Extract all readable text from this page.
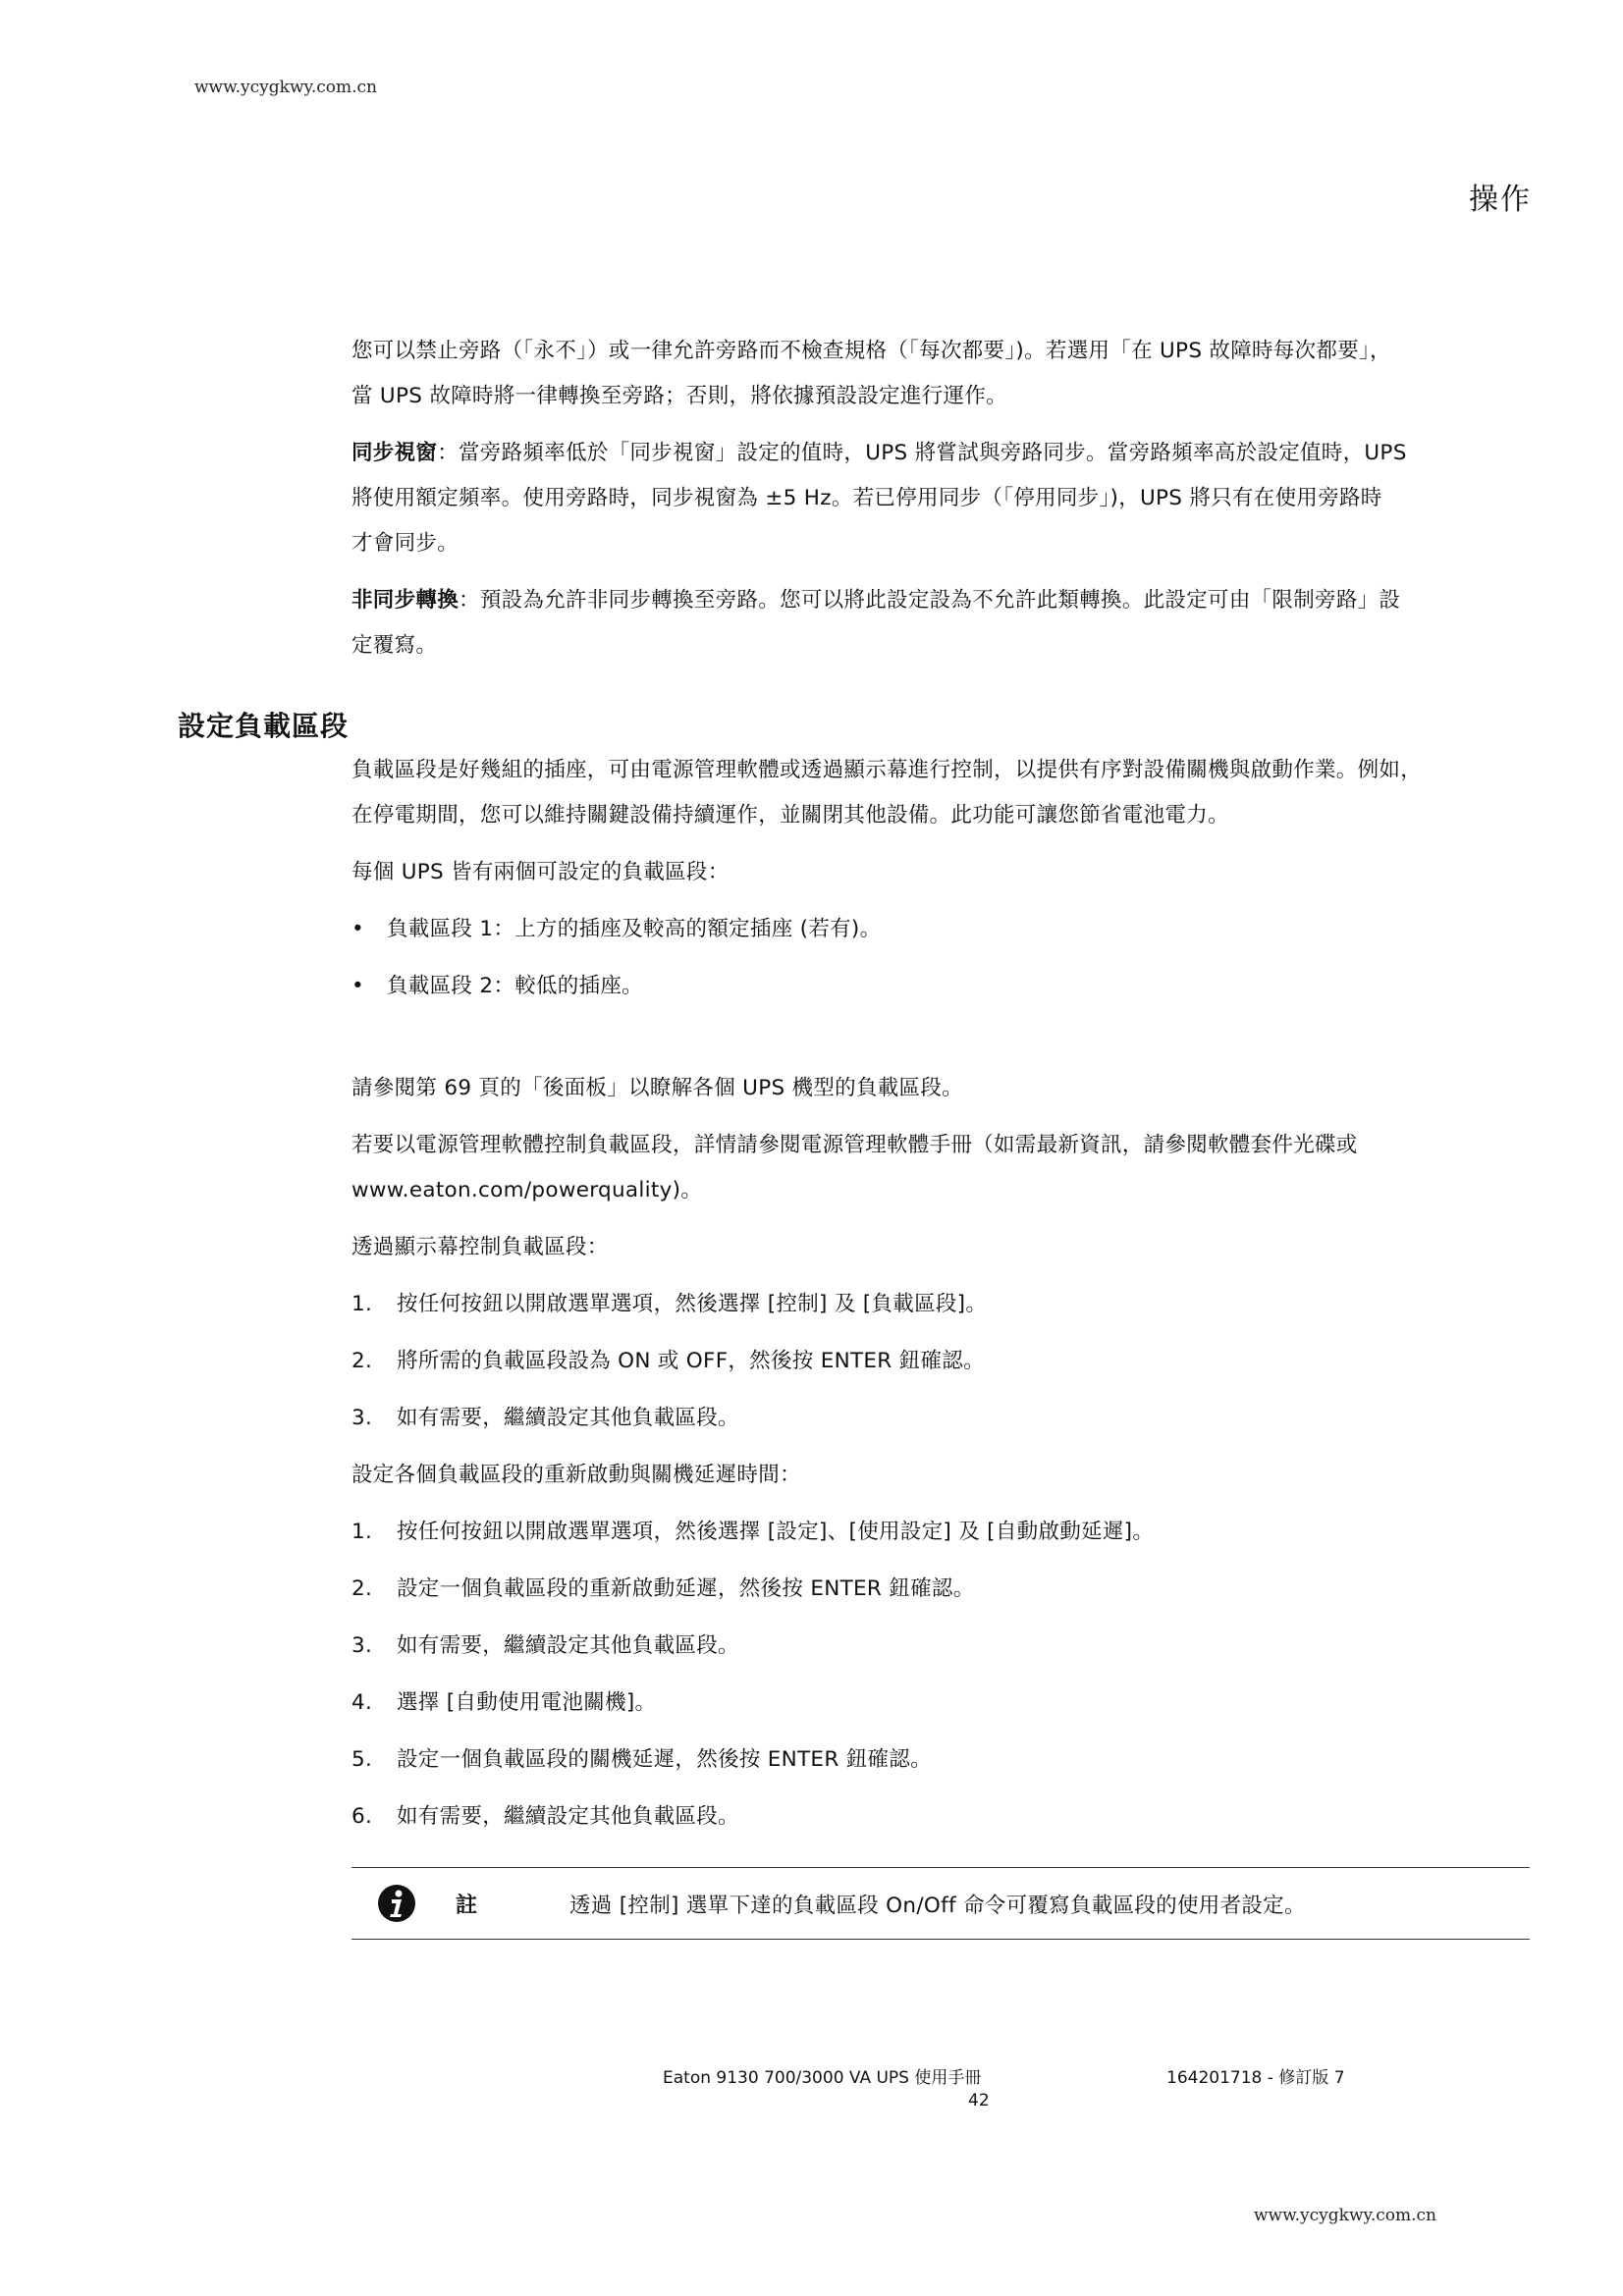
www.ycygkwy.com.cn
操作

您可以禁止旁路（「永不」）或一律允許旁路而不檢查規格（「每次都要」)。若選用「在 UPS 故障時每次都要」，
當 UPS 故障時將一律轉換至旁路；否則，將依據預設設定進行運作。

同步視窗：當旁路頻率低於「同步視窗」設定的值時，UPS 將嘗試與旁路同步。當旁路頻率高於設定值時，UPS
將使用額定頻率。使用旁路時，同步視窗為 ±5 Hz。若已停用同步（「停用同步」)，UPS 將只有在使用旁路時
才會同步。

非同步轉換：預設為允許非同步轉換至旁路。您可以將此設定設為不允許此類轉換。此設定可由「限制旁路」設
定覆寫。

設定負載區段

負載區段是好幾組的插座，可由電源管理軟體或透過顯示幕進行控制，以提供有序對設備關機與啟動作業。例如，
在停電期間，您可以維持關鍵設備持續運作，並關閉其他設備。此功能可讓您節省電池電力。

每個 UPS 皆有兩個可設定的負載區段：

•	負載區段 1：上方的插座及較高的額定插座 (若有)。
•	負載區段 2：較低的插座。

請參閱第 69 頁的「後面板」以瞭解各個 UPS 機型的負載區段。

若要以電源管理軟體控制負載區段，詳情請參閱電源管理軟體手冊（如需最新資訊，請參閱軟體套件光碟或
www.eaton.com/powerquality)。

透過顯示幕控制負載區段：

1.	按任何按鈕以開啟選單選項，然後選擇 [控制] 及 [負載區段]。
2.	將所需的負載區段設為 ON 或 OFF，然後按 ENTER 鈕確認。
3.	如有需要，繼續設定其他負載區段。

設定各個負載區段的重新啟動與關機延遲時間：

1.	按任何按鈕以開啟選單選項，然後選擇 [設定]、[使用設定] 及 [自動啟動延遲]。
2.	設定一個負載區段的重新啟動延遲，然後按 ENTER 鈕確認。
3.	如有需要，繼續設定其他負載區段。
4.	選擇 [自動使用電池關機]。
5.	設定一個負載區段的關機延遲，然後按 ENTER 鈕確認。
6.	如有需要，繼續設定其他負載區段。
註	透過 [控制] 選單下達的負載區段 On/Off 命令可覆寫負載區段的使用者設定。
Eaton 9130 700/3000 VA UPS 使用手冊	164201718 - 修訂版 7
42
www.ycygkwy.com.cn
